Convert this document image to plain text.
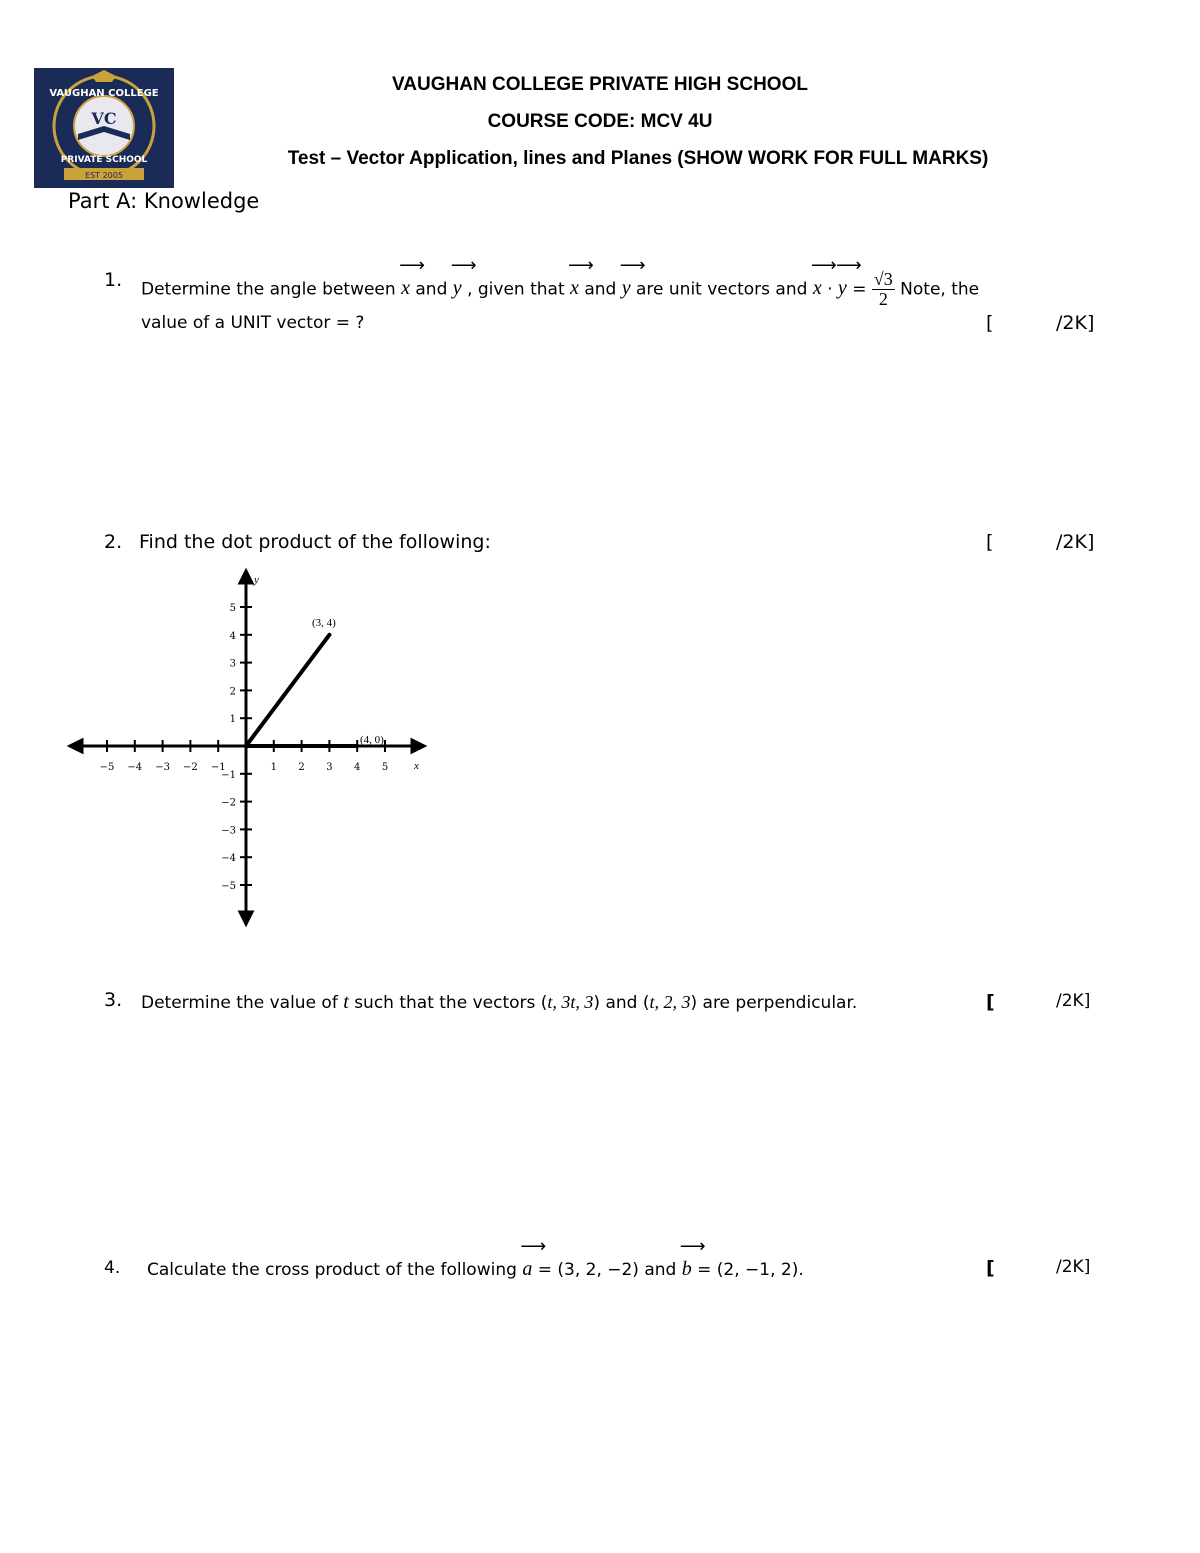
VAUGHAN COLLEGE
VC
PRIVATE SCHOOL
EST 2005
VAUGHAN COLLEGE PRIVATE HIGH SCHOOL
COURSE CODE: MCV 4U
Test – Vector Application, lines and Planes (SHOW WORK FOR FULL MARKS)
Part A: Knowledge
1. Determine the angle between
⟶
x and
⟶
y , given that
⟶
x and
⟶
y are unit vectors and
⟶
x ·
⟶
$y = \frac{√3}{2}$ Note, the
value of a UNIT vector = ?	[	/2K]
2. Find the dot product of the following:	[	/2K]
−5 −4 −3 −2 −1	1 2 3 4 5
5
4
3
2
1
−1
−2
−3
−4
−5
y
x
(3, 4)
(4, 0)
3. Determine the value of t such that the vectors (t, 3t, 3) and (t, 2, 3) are perpendicular.	[	/2K]
4. Calculate the cross product of the following
⟶
a = (3, 2, −2) and
⟶
b = (2, −1, 2).	[	/2K]
